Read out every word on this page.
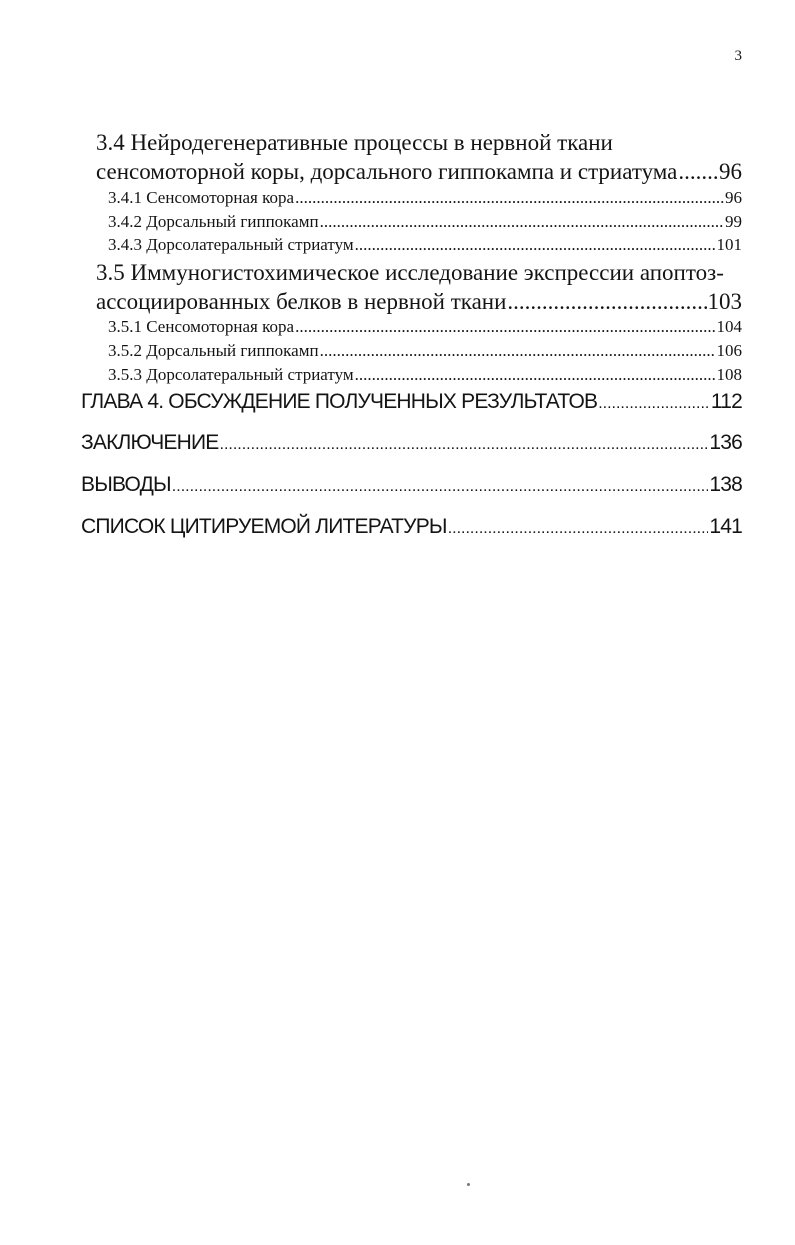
3
3.4 Нейродегенеративные процессы в нервной ткани
сенсомоторной коры, дорсального гиппокампа и стриатума ..... 96
3.4.1 Сенсомоторная кора .....	96
3.4.2 Дорсальный гиппокамп .....	99
3.4.3 Дорсолатеральный стриатум .....	101
3.5 Иммуногистохимическое исследование экспрессии апоптоз-
ассоциированных белков в нервной ткани .....	103
3.5.1 Сенсомоторная кора .....	104
3.5.2 Дорсальный гиппокамп .....	106
3.5.3 Дорсолатеральный стриатум .....	108
ГЛАВА 4. ОБСУЖДЕНИЕ ПОЛУЧЕННЫХ РЕЗУЛЬТАТОВ .....	112
ЗАКЛЮЧЕНИЕ .....	136
ВЫВОДЫ .....	138
СПИСОК ЦИТИРУЕМОЙ ЛИТЕРАТУРЫ .....	141
